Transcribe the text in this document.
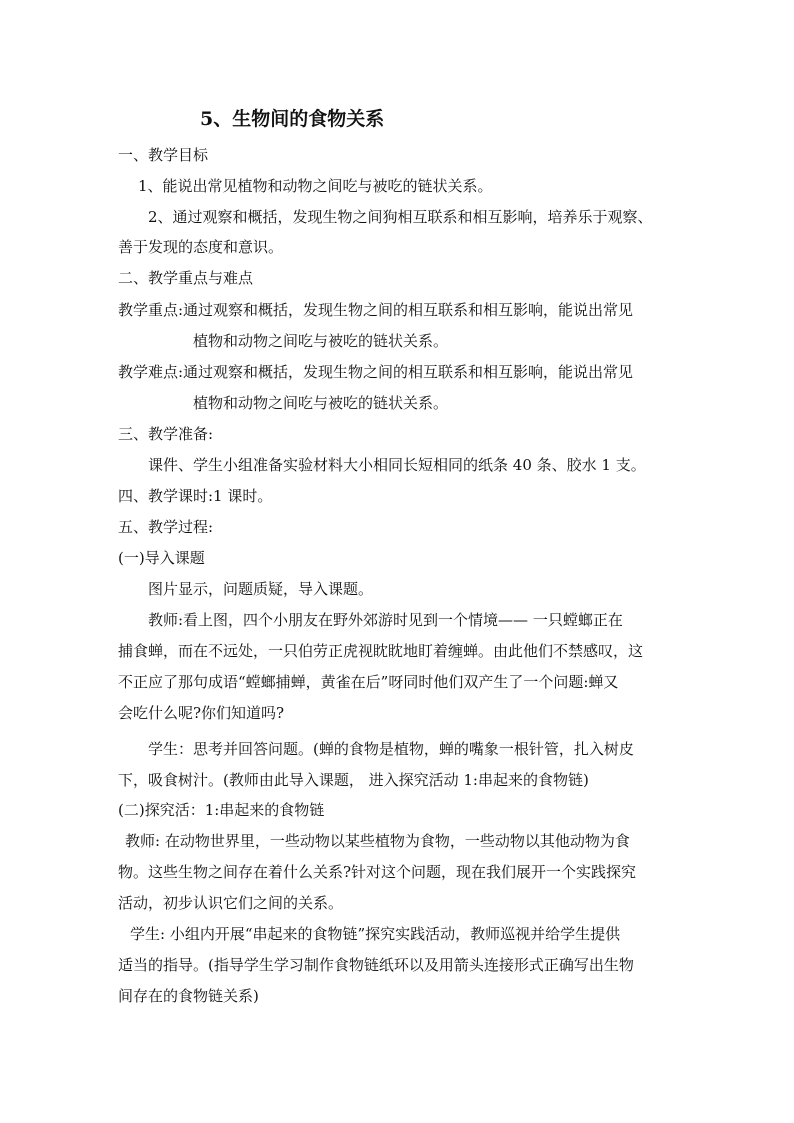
5、生物间的食物关系
一、教学目标
1、能说出常见植物和动物之间吃与被吃的链状关系。
2、通过观察和概括，发现生物之间狗相互联系和相互影响，培养乐于观察、
善于发现的态度和意识。
二、教学重点与难点
教学重点:通过观察和概括，发现生物之间的相互联系和相互影响，能说出常见
植物和动物之间吃与被吃的链状关系。
教学难点:通过观察和概括，发现生物之间的相互联系和相互影响，能说出常见
植物和动物之间吃与被吃的链状关系。
三、教学准备:
课件、学生小组准备实验材料大小相同长短相同的纸条 40 条、胶水 1 支。
四、教学课时:1 课时。
五、教学过程:
(一)导入课题
图片显示，问题质疑，导入课题。
教师:看上图，四个小朋友在野外郊游时见到一个情境—— 一只螳螂正在
捕食蝉，而在不远处，一只伯劳正虎视眈眈地盯着缠蝉。由此他们不禁感叹，这
不正应了那句成语“螳螂捕蝉，黄雀在后”呀同时他们双产生了一个问题:蝉又
会吃什么呢?你们知道吗?
学生：思考并回答问题。(蝉的食物是植物，蝉的嘴象一根针管，扎入树皮
下，吸食树汁。(教师由此导入课题， 进入探究活动 1:串起来的食物链)
(二)探究活：1:串起来的食物链
教师: 在动物世界里，一些动物以某些植物为食物，一些动物以其他动物为食
物。这些生物之间存在着什么关系?针对这个问题，现在我们展开一个实践探究
活动，初步认识它们之间的关系。
学生: 小组内开展“串起来的食物链”探究实践活动，教师巡视并给学生提供
适当的指导。(指导学生学习制作食物链纸环以及用箭头连接形式正确写出生物
间存在的食物链关系)
